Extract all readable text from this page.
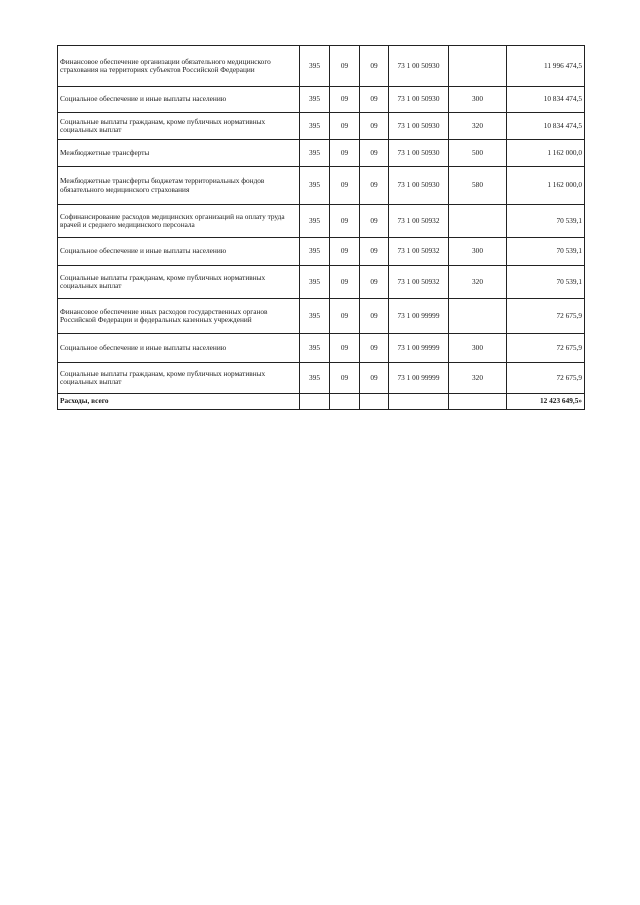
Финансовое обеспечение организации обязательного медицинского страхования на территориях субъектов Российской Федерации	395	09	09	73 1 00 50930		11 996 474,5
Социальное обеспечение и иные выплаты населению	395	09	09	73 1 00 50930	300	10 834 474,5
Социальные выплаты гражданам, кроме публичных нормативных социальных выплат	395	09	09	73 1 00 50930	320	10 834 474,5
Межбюджетные трансферты	395	09	09	73 1 00 50930	500	1 162 000,0
Межбюджетные трансферты бюджетам территориальных фондов обязательного медицинского страхования	395	09	09	73 1 00 50930	580	1 162 000,0
Софинансирование расходов медицинских организаций на оплату труда врачей и среднего медицинского персонала	395	09	09	73 1 00 50932		70 539,1
Социальное обеспечение и иные выплаты населению	395	09	09	73 1 00 50932	300	70 539,1
Социальные выплаты гражданам, кроме публичных нормативных социальных выплат	395	09	09	73 1 00 50932	320	70 539,1
Финансовое обеспечение иных расходов государственных органов Российской Федерации и федеральных казенных учреждений	395	09	09	73 1 00 99999		72 675,9
Социальное обеспечение и иные выплаты населению	395	09	09	73 1 00 99999	300	72 675,9
Социальные выплаты гражданам, кроме публичных нормативных социальных выплат	395	09	09	73 1 00 99999	320	72 675,9
Расходы, всего						12 423 649,5»
